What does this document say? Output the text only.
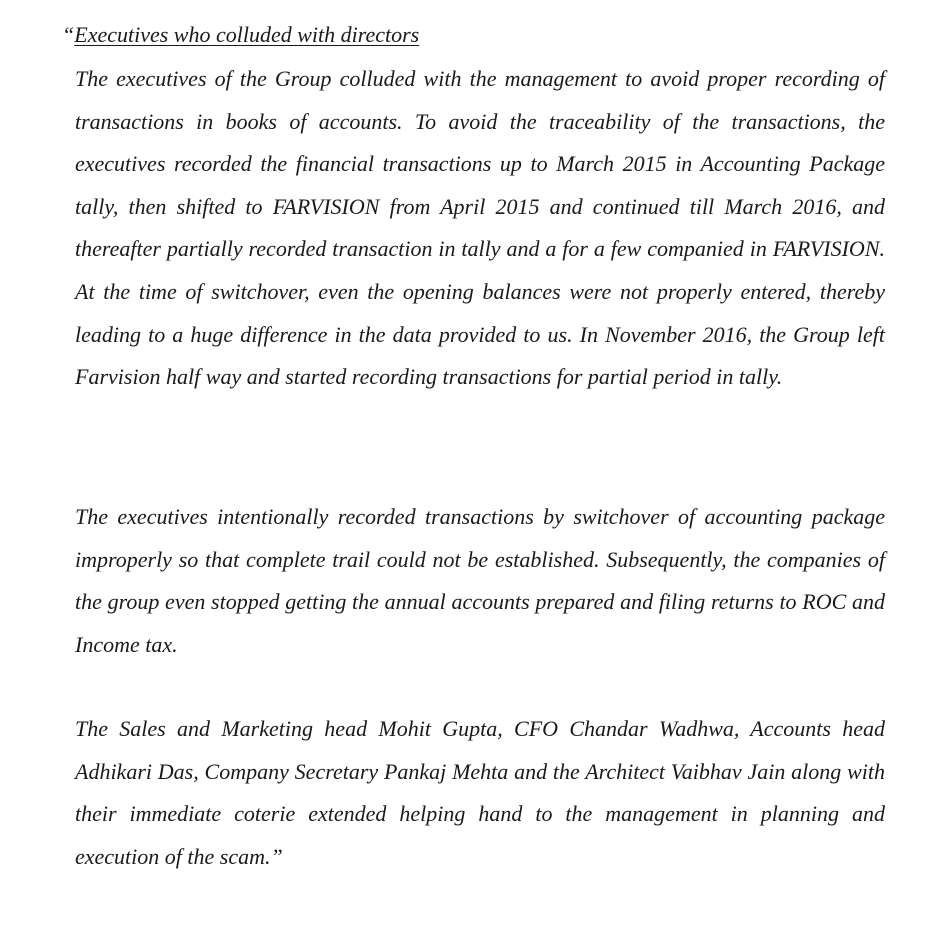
“Executives who colluded with directors

The executives of the Group colluded with the management to avoid proper recording of transactions in books of accounts. To avoid the traceability of the transactions, the executives recorded the financial transactions up to March 2015 in Accounting Package tally, then shifted to FARVISION from April 2015 and continued till March 2016, and thereafter partially recorded transaction in tally and a for a few companied in FARVISION. At the time of switchover, even the opening balances were not properly entered, thereby leading to a huge difference in the data provided to us. In November 2016, the Group left Farvision half way and started recording transactions for partial period in tally.

The executives intentionally recorded transactions by switchover of accounting package improperly so that complete trail could not be established. Subsequently, the companies of the group even stopped getting the annual accounts prepared and filing returns to ROC and Income tax.

The Sales and Marketing head Mohit Gupta, CFO Chandar Wadhwa, Accounts head Adhikari Das, Company Secretary Pankaj Mehta and the Architect Vaibhav Jain along with their immediate coterie extended helping hand to the management in planning and execution of the scam.”
